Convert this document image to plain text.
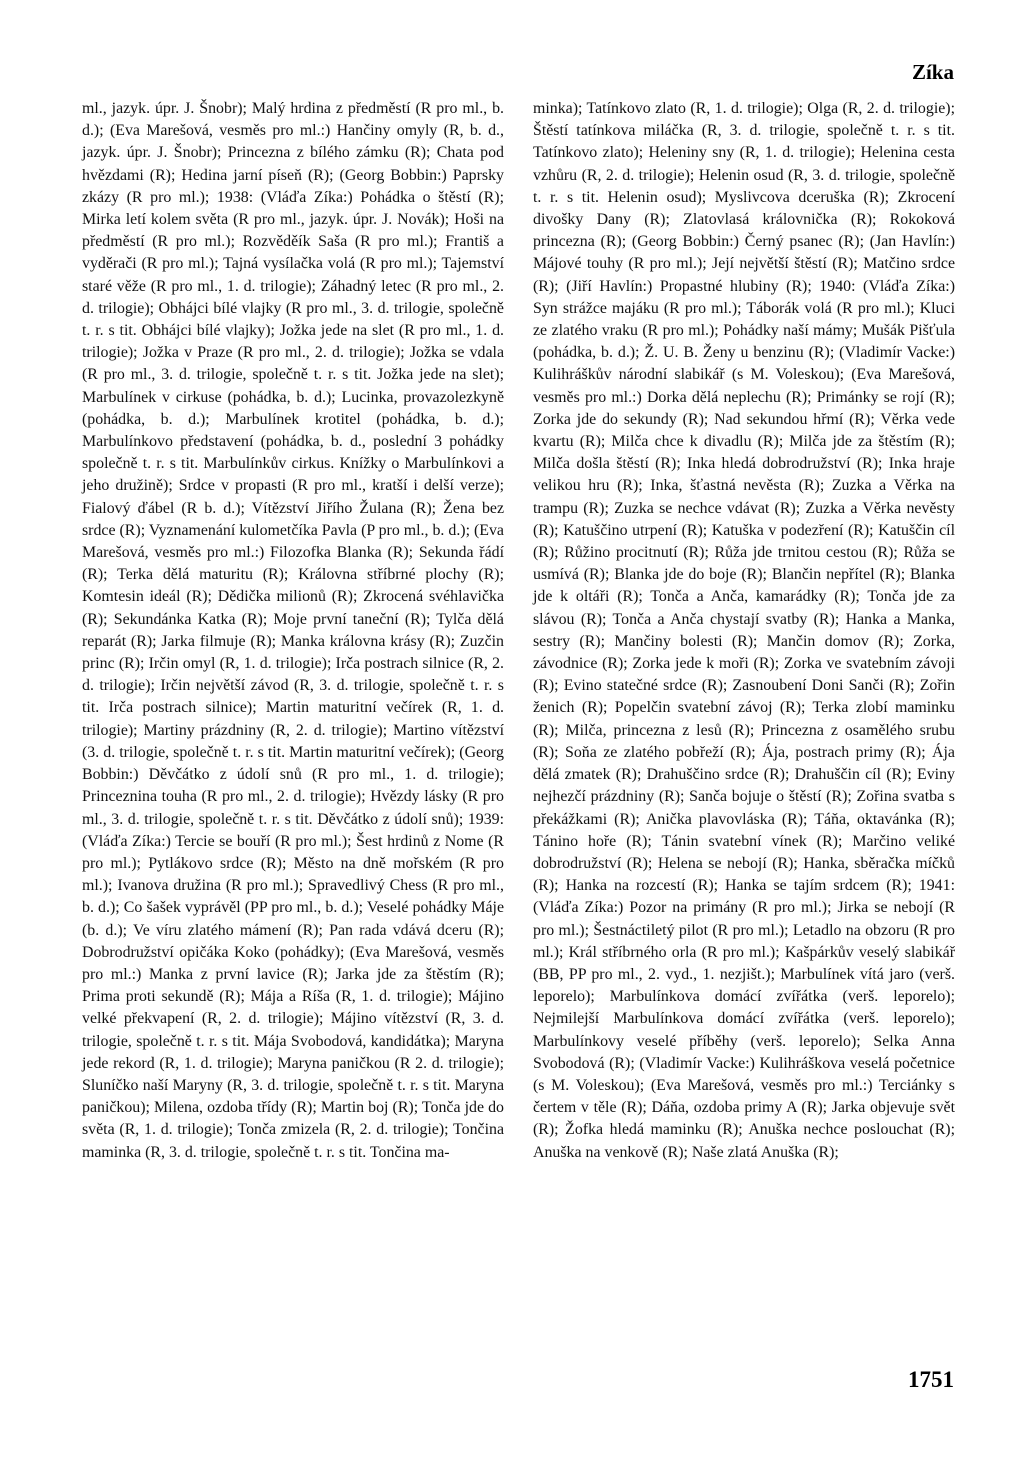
Zíka
ml., jazyk. úpr. J. Šnobr); Malý hrdina z předměstí (R pro ml., b. d.); (Eva Marešová, vesměs pro ml.:) Hančiny omyly (R, b. d., jazyk. úpr. J. Šnobr); Princezna z bílého zámku (R); Chata pod hvězdami (R); Hedina jarní píseň (R); (Georg Bobbin:) Paprsky zkázy (R pro ml.); 1938: (Vláďa Zíka:) Pohádka o štěstí (R); Mirka letí kolem světa (R pro ml., jazyk. úpr. J. Novák); Hoši na předměstí (R pro ml.); Rozvěděík Saša (R pro ml.); Františ a vyděrači (R pro ml.); Tajná vysílačka volá (R pro ml.); Tajemství staré věže (R pro ml., 1. d. trilogie); Záhadný letec (R pro ml., 2. d. trilogie); Obhájci bílé vlajky (R pro ml., 3. d. trilogie, společně t. r. s tit. Obhájci bílé vlajky); Jožka jede na slet (R pro ml., 1. d. trilogie); Jožka v Praze (R pro ml., 2. d. trilogie); Jožka se vdala (R pro ml., 3. d. trilogie, společně t. r. s tit. Jožka jede na slet); Marbulínek v cirkuse (pohádka, b. d.); Lucinka, provazolezkyně (pohádka, b. d.); Marbulínek krotitel (pohádka, b. d.); Marbulínkovo představení (pohádka, b. d., poslední 3 pohádky společně t. r. s tit. Marbulínkův cirkus. Knížky o Marbulínkovi a jeho družině); Srdce v propasti (R pro ml., kratší i delší verze); Fialový ďábel (R b. d.); Vítězství Jiřího Žulana (R); Žena bez srdce (R); Vyznamenání kulometčíka Pavla (P pro ml., b. d.); (Eva Marešová, vesměs pro ml.:) Filozofka Blanka (R); Sekunda řádí (R); Terka dělá maturitu (R); Královna stříbrné plochy (R); Komtesin ideál (R); Dědička milionů (R); Zkrocená svéhlavička (R); Sekundánka Katka (R); Moje první taneční (R); Tylča dělá reparát (R); Jarka filmuje (R); Manka královna krásy (R); Zuzčin princ (R); Irčin omyl (R, 1. d. trilogie); Irča postrach silnice (R, 2. d. trilogie); Irčin největší závod (R, 3. d. trilogie, společně t. r. s tit. Irča postrach silnice); Martin maturitní večírek (R, 1. d. trilogie); Martiny prázdniny (R, 2. d. trilogie); Martino vítězství (3. d. trilogie, společně t. r. s tit. Martin maturitní večírek); (Georg Bobbin:) Děvčátko z údolí snů (R pro ml., 1. d. trilogie); Princeznina touha (R pro ml., 2. d. trilogie); Hvězdy lásky (R pro ml., 3. d. trilogie, společně t. r. s tit. Děvčátko z údolí snů); 1939: (Vláďa Zíka:) Tercie se bouří (R pro ml.); Šest hrdinů z Nome (R pro ml.); Pytlákovo srdce (R); Město na dně mořském (R pro ml.); Ivanova družina (R pro ml.); Spravedlivý Chess (R pro ml., b. d.); Co šašek vyprávěl (PP pro ml., b. d.); Veselé pohádky Máje (b. d.); Ve víru zlatého mámení (R); Pan rada vdává dceru (R); Dobrodružství opičáka Koko (pohádky); (Eva Marešová, vesměs pro ml.:) Manka z první lavice (R); Jarka jde za štěstím (R); Prima proti sekundě (R); Mája a Ríša (R, 1. d. trilogie); Májino velké překvapení (R, 2. d. trilogie); Májino vítězství (R, 3. d. trilogie, společně t. r. s tit. Mája Svobodová, kandidátka); Maryna jede rekord (R, 1. d. trilogie); Maryna paničkou (R 2. d. trilogie); Sluníčko naší Maryny (R, 3. d. trilogie, společně t. r. s tit. Maryna paničkou); Milena, ozdoba třídy (R); Martin boj (R); Tonča jde do světa (R, 1. d. trilogie); Tonča zmizela (R, 2. d. trilogie); Tončina maminka (R, 3. d. trilogie, společně t. r. s tit. Tončina ma-
minka); Tatínkovo zlato (R, 1. d. trilogie); Olga (R, 2. d. trilogie); Štěstí tatínkova miláčka (R, 3. d. trilogie, společně t. r. s tit. Tatínkovo zlato); Heleniny sny (R, 1. d. trilogie); Helenina cesta vzhůru (R, 2. d. trilogie); Helenin osud (R, 3. d. trilogie, společně t. r. s tit. Helenin osud); Myslivcova dceruška (R); Zkrocení divošky Dany (R); Zlatovlasá královnička (R); Rokoková princezna (R); (Georg Bobbin:) Černý psanec (R); (Jan Havlín:) Májové touhy (R pro ml.); Její největší štěstí (R); Matčino srdce (R); (Jiří Havlín:) Propastné hlubiny (R); 1940: (Vláďa Zíka:) Syn strážce majáku (R pro ml.); Táborák volá (R pro ml.); Kluci ze zlatého vraku (R pro ml.); Pohádky naší mámy; Mušák Pišťula (pohádka, b. d.); Ž. U. B. Ženy u benzinu (R); (Vladimír Vacke:) Kulihráškův národní slabikář (s M. Voleskou); (Eva Marešová, vesměs pro ml.:) Dorka dělá neplechu (R); Primánky se rojí (R); Zorka jde do sekundy (R); Nad sekundou hřmí (R); Věrka vede kvartu (R); Milča chce k divadlu (R); Milča jde za štěstím (R); Milča došla štěstí (R); Inka hledá dobrodružství (R); Inka hraje velikou hru (R); Inka, šťastná nevěsta (R); Zuzka a Věrka na trampu (R); Zuzka se nechce vdávat (R); Zuzka a Věrka nevěsty (R); Katuščino utrpení (R); Katuška v podezření (R); Katuščin cíl (R); Růžino procitnutí (R); Růža jde trnitou cestou (R); Růža se usmívá (R); Blanka jde do boje (R); Blančin nepřítel (R); Blanka jde k oltáři (R); Tonča a Anča, kamarádky (R); Tonča jde za slávou (R); Tonča a Anča chystají svatby (R); Hanka a Manka, sestry (R); Mančiny bolesti (R); Mančin domov (R); Zorka, závodnice (R); Zorka jede k moři (R); Zorka ve svatebním závoji (R); Evino statečné srdce (R); Zasnoubení Doni Sanči (R); Zořin ženich (R); Popelčin svatební závoj (R); Terka zlobí maminku (R); Milča, princezna z lesů (R); Princezna z osamělého srubu (R); Soňa ze zlatého pobřeží (R); Ája, postrach primy (R); Ája dělá zmatek (R); Drahuščino srdce (R); Drahuščin cíl (R); Eviny nejhezčí prázdniny (R); Sanča bojuje o štěstí (R); Zořina svatba s překážkami (R); Anička plavovláska (R); Táňa, oktavánka (R); Tánino hoře (R); Tánin svatební vínek (R); Marčino veliké dobrodružství (R); Helena se nebojí (R); Hanka, sběračka míčků (R); Hanka na rozcestí (R); Hanka se tajím srdcem (R); 1941: (Vláďa Zíka:) Pozor na primány (R pro ml.); Jirka se nebojí (R pro ml.); Šestnáctiletý pilot (R pro ml.); Letadlo na obzoru (R pro ml.); Král stříbrného orla (R pro ml.); Kašpárkův veselý slabikář (BB, PP pro ml., 2. vyd., 1. nezjišt.); Marbulínek vítá jaro (verš. leporelo); Marbulínkova domácí zvířátka (verš. leporelo); Nejmilejší Marbulínkova domácí zvířátka (verš. leporelo); Marbulínkovy veselé příběhy (verš. leporelo); Selka Anna Svobodová (R); (Vladimír Vacke:) Kulihráškova veselá početnice (s M. Voleskou); (Eva Marešová, vesměs pro ml.:) Terciánky s čertem v těle (R); Dáňa, ozdoba primy A (R); Jarka objevuje svět (R); Žofka hledá maminku (R); Anuška nechce poslouchat (R); Anuška na venkově (R); Naše zlatá Anuška (R);
1751
